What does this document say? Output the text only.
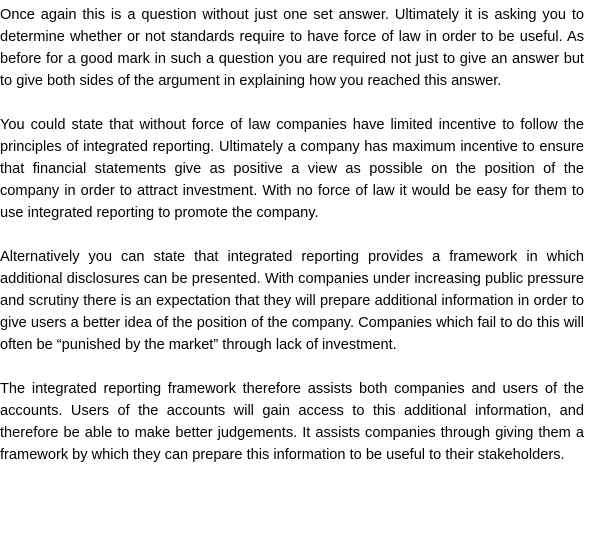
Once again this is a question without just one set answer. Ultimately it is asking you to determine whether or not standards require to have force of law in order to be useful. As before for a good mark in such a question you are required not just to give an answer but to give both sides of the argument in explaining how you reached this answer.

You could state that without force of law companies have limited incentive to follow the principles of integrated reporting. Ultimately a company has maximum incentive to ensure that financial statements give as positive a view as possible on the position of the company in order to attract investment. With no force of law it would be easy for them to use integrated reporting to promote the company.

Alternatively you can state that integrated reporting provides a framework in which additional disclosures can be presented. With companies under increasing public pressure and scrutiny there is an expectation that they will prepare additional information in order to give users a better idea of the position of the company. Companies which fail to do this will often be “punished by the market” through lack of investment.

The integrated reporting framework therefore assists both companies and users of the accounts. Users of the accounts will gain access to this additional information, and therefore be able to make better judgements. It assists companies through giving them a framework by which they can prepare this information to be useful to their stakeholders.
